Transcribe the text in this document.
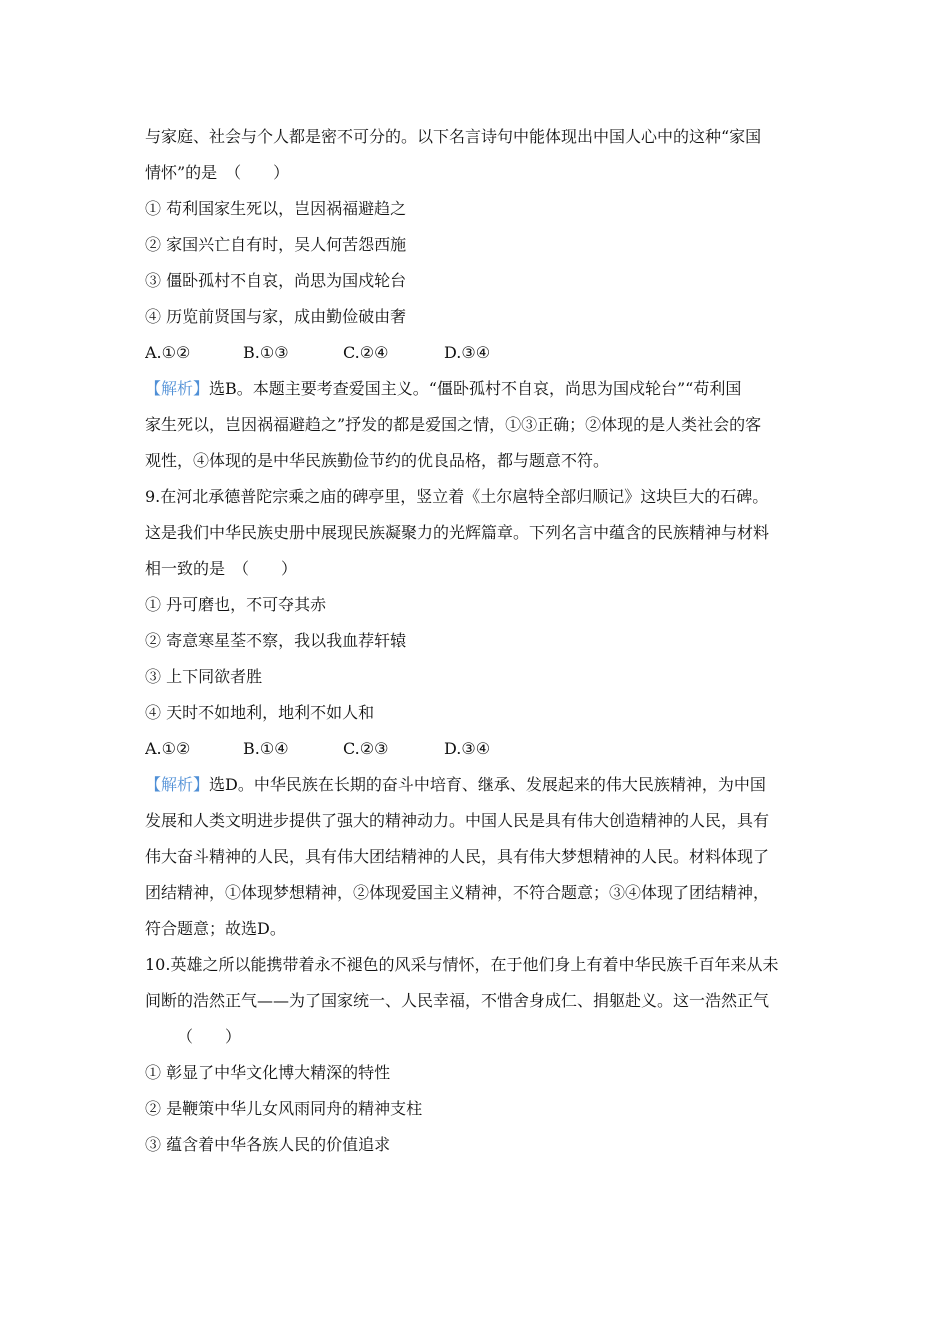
与家庭、社会与个人都是密不可分的。以下名言诗句中能体现出中国人心中的这种“家国
情怀”的是　（　　）
① 苟利国家生死以，岂因祸福避趋之
② 家国兴亡自有时，吴人何苦怨西施
③ 僵卧孤村不自哀，尚思为国戍轮台
④ 历览前贤国与家，成由勤俭破由奢
A.①②	B.①③	C.②④	D.③④
【解析】选B。本题主要考查爱国主义。“僵卧孤村不自哀，尚思为国戍轮台”“苟利国
家生死以，岂因祸福避趋之”抒发的都是爱国之情，①③正确；②体现的是人类社会的客
观性，④体现的是中华民族勤俭节约的优良品格，都与题意不符。
9.在河北承德普陀宗乘之庙的碑亭里，竖立着《土尔扈特全部归顺记》这块巨大的石碑。
这是我们中华民族史册中展现民族凝聚力的光辉篇章。下列名言中蕴含的民族精神与材料
相一致的是　（　　）
① 丹可磨也，不可夺其赤
② 寄意寒星荃不察，我以我血荐轩辕
③ 上下同欲者胜
④ 天时不如地利，地利不如人和
A.①②	B.①④	C.②③	D.③④
【解析】选D。中华民族在长期的奋斗中培育、继承、发展起来的伟大民族精神，为中国
发展和人类文明进步提供了强大的精神动力。中国人民是具有伟大创造精神的人民，具有
伟大奋斗精神的人民，具有伟大团结精神的人民，具有伟大梦想精神的人民。材料体现了
团结精神，①体现梦想精神，②体现爱国主义精神，不符合题意；③④体现了团结精神，
符合题意；故选D。
10.英雄之所以能携带着永不褪色的风采与情怀，在于他们身上有着中华民族千百年来从未
间断的浩然正气——为了国家统一、人民幸福，不惜舍身成仁、捐躯赴义。这一浩然正气
（　　）
① 彰显了中华文化博大精深的特性
② 是鞭策中华儿女风雨同舟的精神支柱
③ 蕴含着中华各族人民的价值追求
